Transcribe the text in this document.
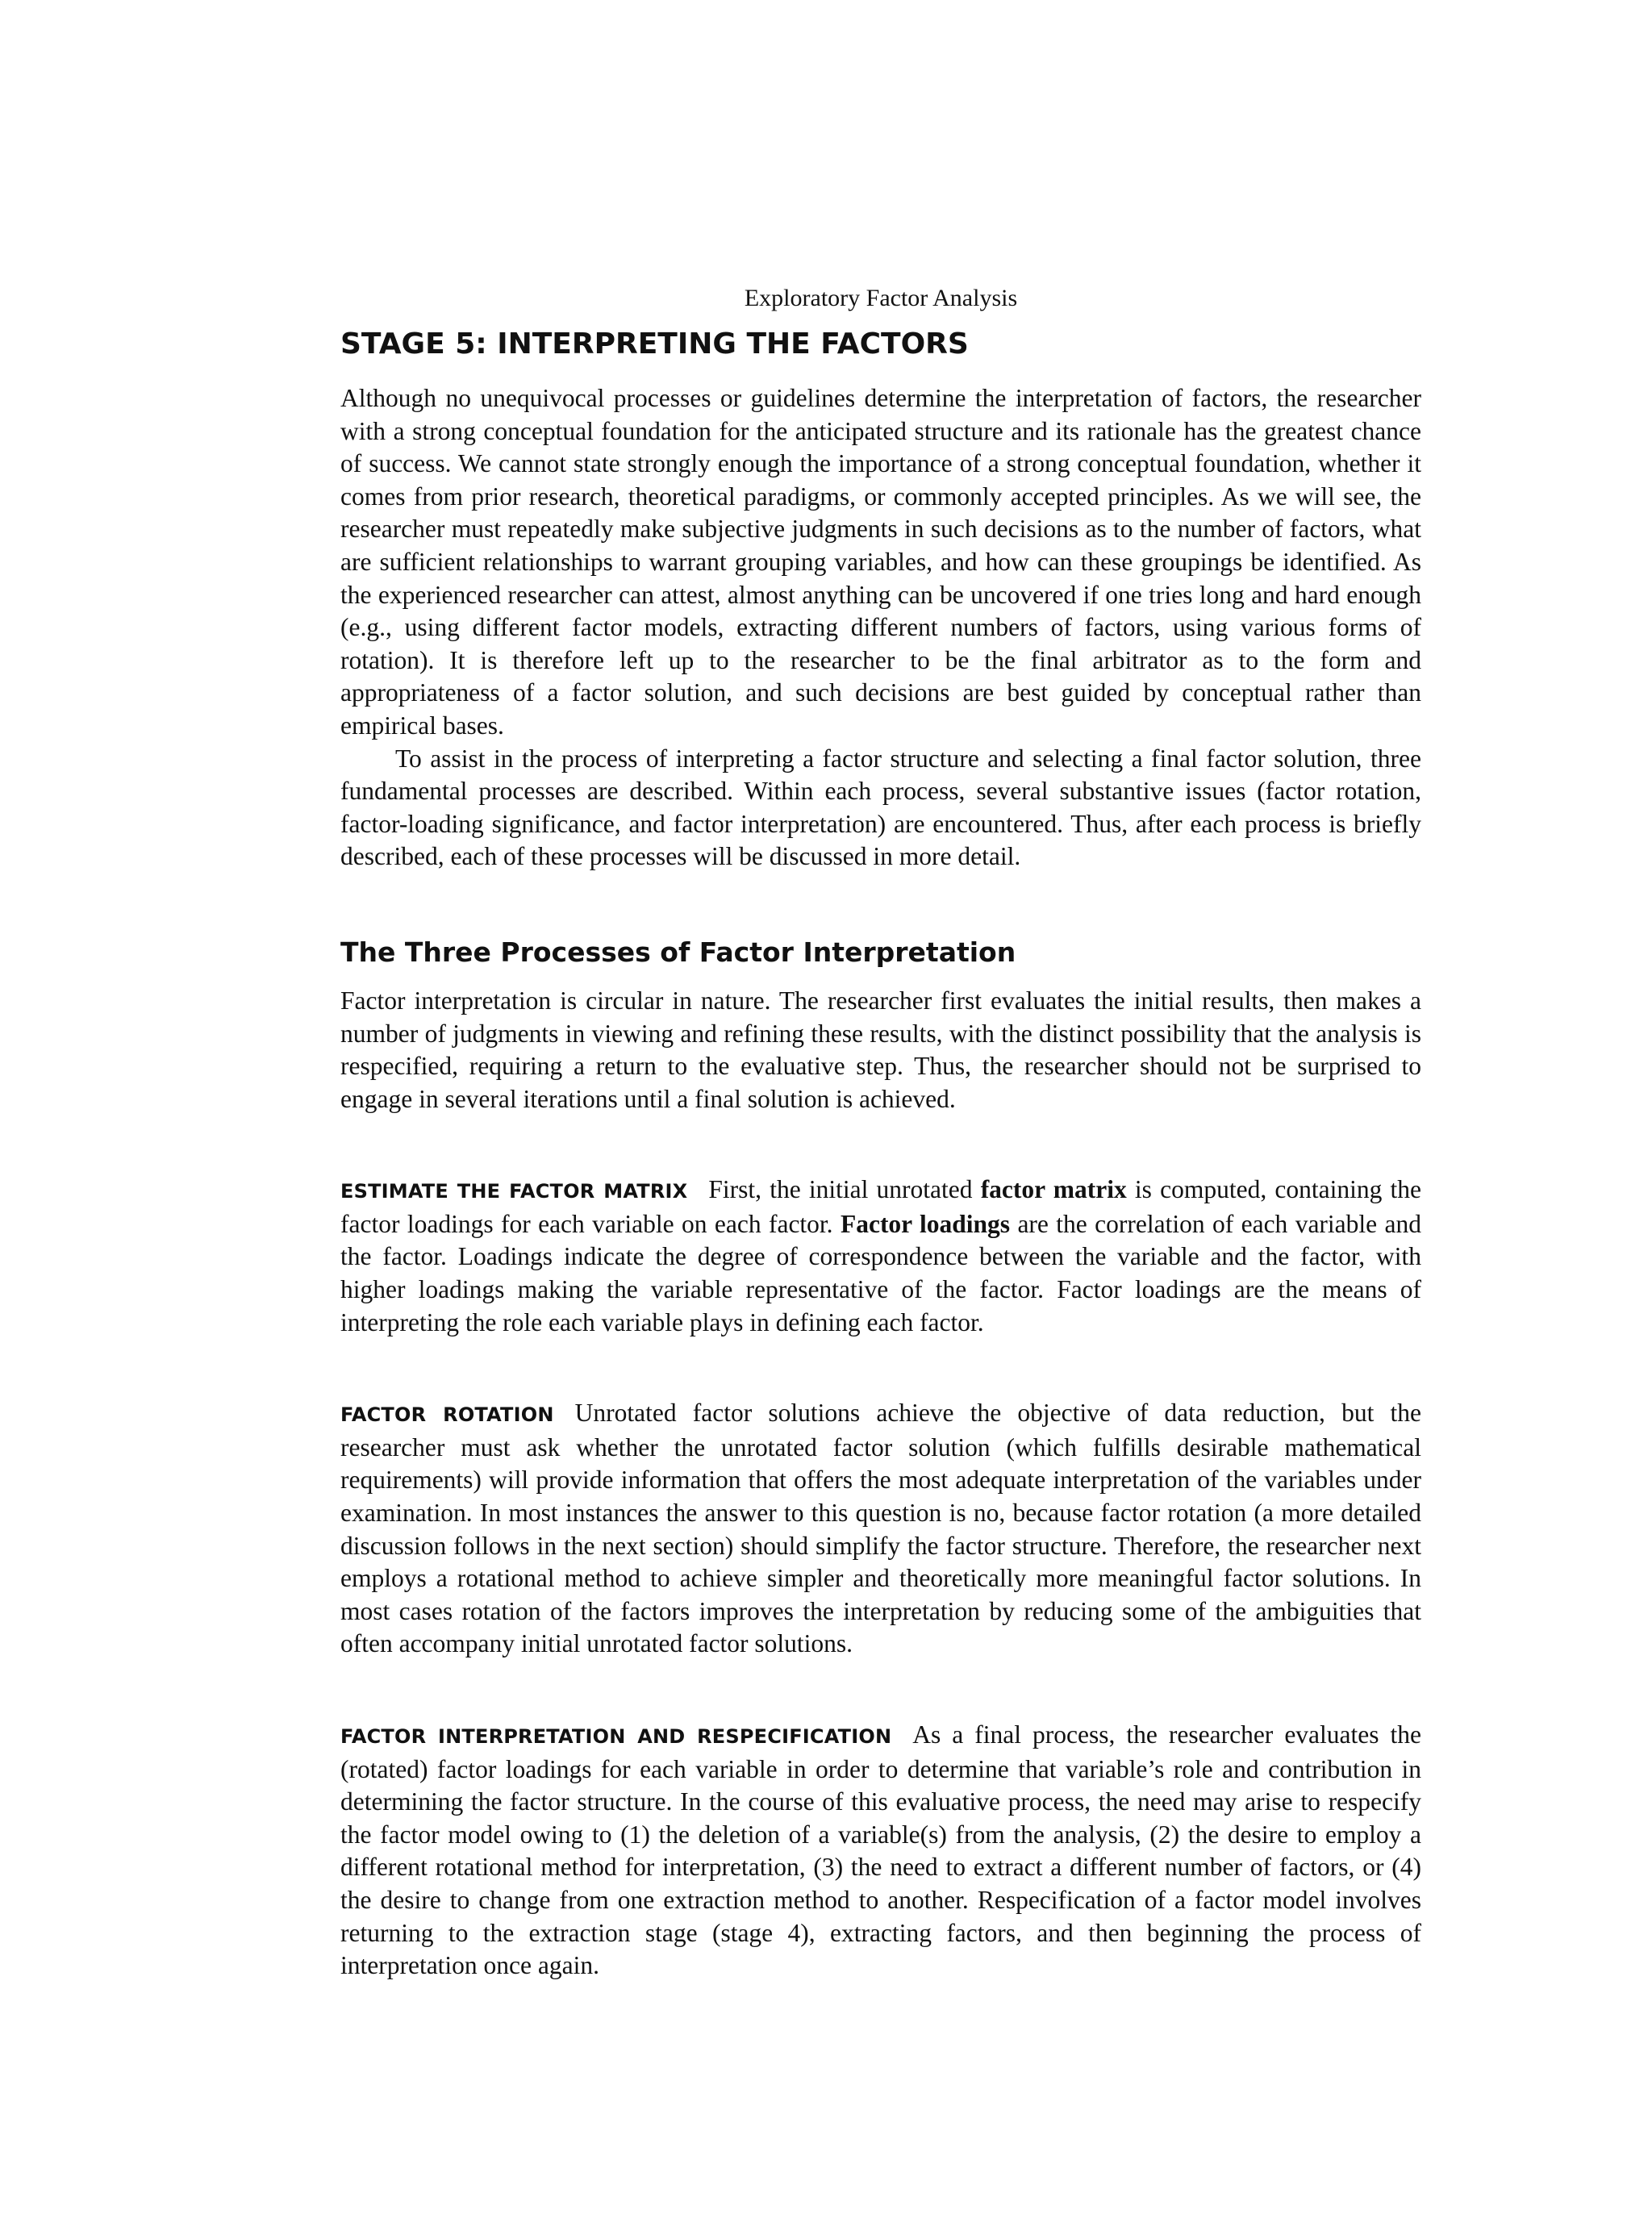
Exploratory Factor Analysis
STAGE 5: INTERPRETING THE FACTORS

Although no unequivocal processes or guidelines determine the interpretation of factors, the researcher with a strong conceptual foundation for the anticipated structure and its rationale has the greatest chance of success. We cannot state strongly enough the importance of a strong conceptual foundation, whether it comes from prior research, theoretical paradigms, or commonly accepted principles. As we will see, the researcher must repeatedly make subjective judgments in such decisions as to the number of factors, what are sufficient relationships to warrant grouping variables, and how can these groupings be identified. As the experienced researcher can attest, almost anything can be uncovered if one tries long and hard enough (e.g., using different factor models, extracting different numbers of factors, using various forms of rotation). It is therefore left up to the researcher to be the final arbitrator as to the form and appropriateness of a factor solution, and such decisions are best guided by conceptual rather than empirical bases.

To assist in the process of interpreting a factor structure and selecting a final factor solution, three fundamental processes are described. Within each process, several substantive issues (factor rotation, factor-loading significance, and factor interpretation) are encountered. Thus, after each process is briefly described, each of these processes will be discussed in more detail.

The Three Processes of Factor Interpretation

Factor interpretation is circular in nature. The researcher first evaluates the initial results, then makes a number of judgments in viewing and refining these results, with the distinct possibility that the analysis is respecified, requiring a return to the evaluative step. Thus, the researcher should not be surprised to engage in several iterations until a final solution is achieved.

ESTIMATE THE FACTOR MATRIX First, the initial unrotated factor matrix is computed, containing the factor loadings for each variable on each factor. Factor loadings are the correlation of each variable and the factor. Loadings indicate the degree of correspondence between the variable and the factor, with higher loadings making the variable representative of the factor. Factor loadings are the means of interpreting the role each variable plays in defining each factor.

FACTOR ROTATION Unrotated factor solutions achieve the objective of data reduction, but the researcher must ask whether the unrotated factor solution (which fulfills desirable mathematical requirements) will provide information that offers the most adequate interpretation of the variables under examination. In most instances the answer to this question is no, because factor rotation (a more detailed discussion follows in the next section) should simplify the factor structure. Therefore, the researcher next employs a rotational method to achieve simpler and theoretically more meaningful factor solutions. In most cases rotation of the factors improves the interpretation by reducing some of the ambiguities that often accompany initial unrotated factor solutions.

FACTOR INTERPRETATION AND RESPECIFICATION As a final process, the researcher evaluates the (rotated) factor loadings for each variable in order to determine that variable’s role and contribution in determining the factor structure. In the course of this evaluative process, the need may arise to respecify the factor model owing to (1) the deletion of a variable(s) from the analysis, (2) the desire to employ a different rotational method for interpretation, (3) the need to extract a different number of factors, or (4) the desire to change from one extraction method to another. Respecification of a factor model involves returning to the extraction stage (stage 4), extracting factors, and then beginning the process of interpretation once again.
